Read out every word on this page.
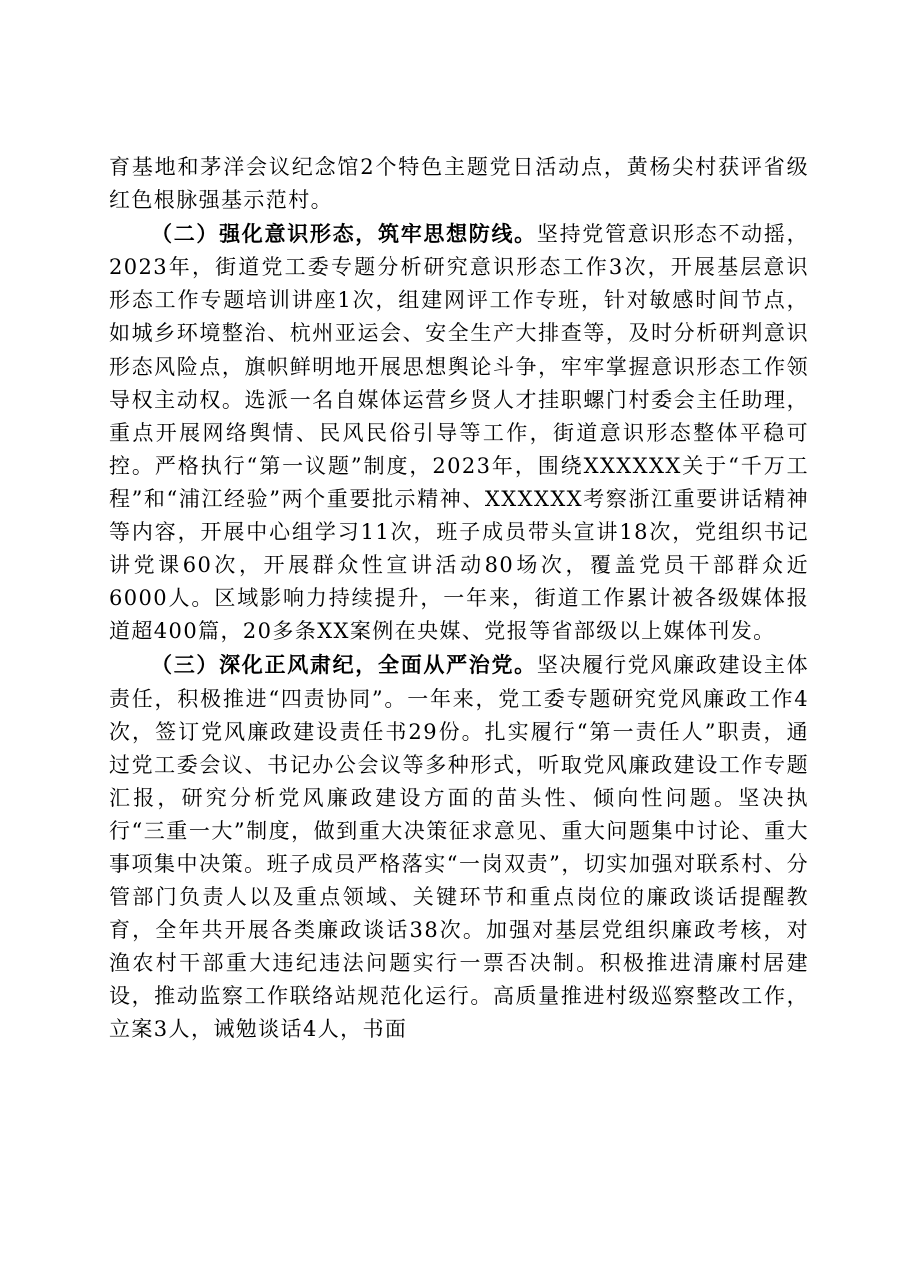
育基地和茅洋会议纪念馆2个特色主题党日活动点，黄杨尖村获评省级红色根脉强基示范村。

（二）强化意识形态，筑牢思想防线。坚持党管意识形态不动摇，2023年，街道党工委专题分析研究意识形态工作3次，开展基层意识形态工作专题培训讲座1次，组建网评工作专班，针对敏感时间节点，如城乡环境整治、杭州亚运会、安全生产大排查等，及时分析研判意识形态风险点，旗帜鲜明地开展思想舆论斗争，牢牢掌握意识形态工作领导权主动权。选派一名自媒体运营乡贤人才挂职螺门村委会主任助理，重点开展网络舆情、民风民俗引导等工作，街道意识形态整体平稳可控。严格执行“第一议题”制度，2023年，围绕XXXXXX关于“千万工程”和“浦江经验”两个重要批示精神、XXXXXX考察浙江重要讲话精神等内容，开展中心组学习11次，班子成员带头宣讲18次，党组织书记讲党课60次，开展群众性宣讲活动80场次，覆盖党员干部群众近6000人。区域影响力持续提升，一年来，街道工作累计被各级媒体报道超400篇，20多条XX案例在央媒、党报等省部级以上媒体刊发。

（三）深化正风肃纪，全面从严治党。坚决履行党风廉政建设主体责任，积极推进“四责协同”。一年来，党工委专题研究党风廉政工作4次，签订党风廉政建设责任书29份。扎实履行“第一责任人”职责，通过党工委会议、书记办公会议等多种形式，听取党风廉政建设工作专题汇报，研究分析党风廉政建设方面的苗头性、倾向性问题。坚决执行“三重一大”制度，做到重大决策征求意见、重大问题集中讨论、重大事项集中决策。班子成员严格落实“一岗双责”，切实加强对联系村、分管部门负责人以及重点领域、关键环节和重点岗位的廉政谈话提醒教育，全年共开展各类廉政谈话38次。加强对基层党组织廉政考核，对渔农村干部重大违纪违法问题实行一票否决制。积极推进清廉村居建设，推动监察工作联络站规范化运行。高质量推进村级巡察整改工作，立案3人，诫勉谈话4人，书面
